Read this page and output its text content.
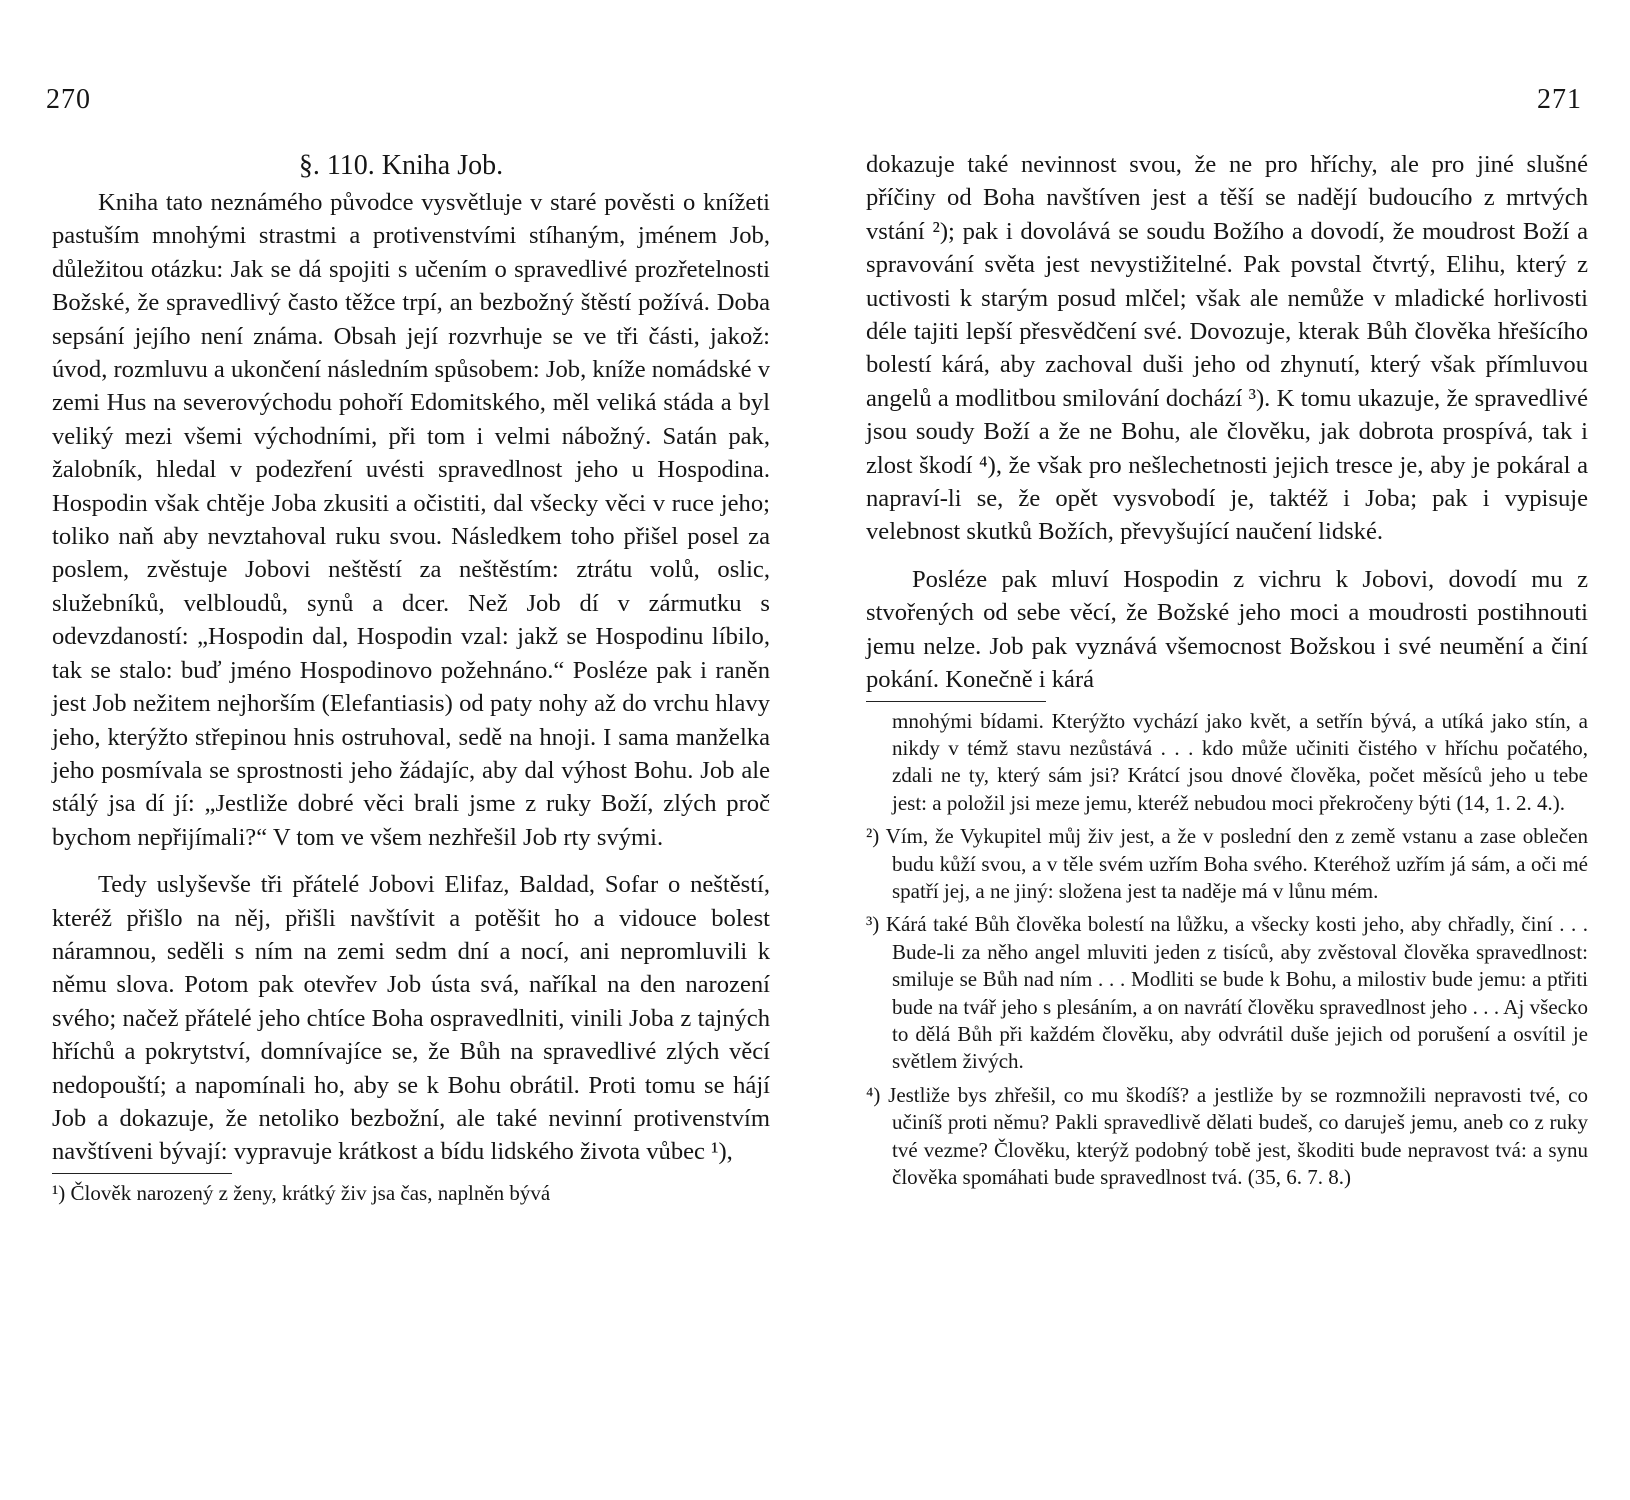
270
§. 110. Kniha Job.

Kniha tato neznámého původce vysvětluje v staré pověsti o knížeti pastuším mnohými strastmi a protivenstvími stíhaným, jménem Job, důležitou otázku: Jak se dá spojiti s učením o spravedlivé prozřetelnosti Božské, že spravedlivý často těžce trpí, an bezbožný štěstí požívá. Doba sepsání jejího není známa. Obsah její rozvrhuje se ve tři části, jakož: úvod, rozmluvu a ukončení následním spůsobem: Job, kníže nomádské v zemi Hus na severovýchodu pohoří Edomitského, měl veliká stáda a byl veliký mezi všemi východními, při tom i velmi nábožný. Satán pak, žalobník, hledal v podezření uvésti spravedlnost jeho u Hospodina. Hospodin však chtěje Joba zkusiti a očistiti, dal všecky věci v ruce jeho; toliko naň aby nevztahoval ruku svou. Následkem toho přišel posel za poslem, zvěstuje Jobovi neštěstí za neštěstím: ztrátu volů, oslic, služebníků, velbloudů, synů a dcer. Než Job dí v zármutku s odevzdaností: „Hospodin dal, Hospodin vzal: jakž se Hospodinu líbilo, tak se stalo: buď jméno Hospodinovo požehnáno.“ Posléze pak i raněn jest Job nežitem nejhorším (Elefantiasis) od paty nohy až do vrchu hlavy jeho, kterýžto střepinou hnis ostruhoval, sedě na hnoji. I sama manželka jeho posmívala se sprostnosti jeho žádajíc, aby dal výhost Bohu. Job ale stálý jsa dí jí: „Jestliže dobré věci brali jsme z ruky Boží, zlých proč bychom nepřijímali?“ V tom ve všem nezhřešil Job rty svými.

Tedy uslyševše tři přátelé Jobovi Elifaz, Baldad, Sofar o neštěstí, kteréž přišlo na něj, přišli navštívit a potěšit ho a vidouce bolest náramnou, seděli s ním na zemi sedm dní a nocí, ani nepromluvili k němu slova. Potom pak otevřev Job ústa svá, naříkal na den narození svého; načež přátelé jeho chtíce Boha ospravedlniti, vinili Joba z tajných hříchů a pokrytství, domnívajíce se, že Bůh na spravedlivé zlých věcí nedopouští; a napomínali ho, aby se k Bohu obrátil. Proti tomu se hájí Job a dokazuje, že netoliko bezbožní, ale také nevinní protivenstvím navštíveni bývají: vypravuje krátkost a bídu lidského života vůbec ¹),

¹) Člověk narozený z ženy, krátký živ jsa čas, naplněn bývá

271

dokazuje také nevinnost svou, že ne pro hříchy, ale pro jiné slušné příčiny od Boha navštíven jest a těší se nadějí budoucího z mrtvých vstání ²); pak i dovolává se soudu Božího a dovodí, že moudrost Boží a spravování světa jest nevystižitelné. Pak povstal čtvrtý, Elihu, který z uctivosti k starým posud mlčel; však ale nemůže v mladické horlivosti déle tajiti lepší přesvědčení své. Dovozuje, kterak Bůh člověka hřešícího bolestí kárá, aby zachoval duši jeho od zhynutí, který však přímluvou angelů a modlitbou smilování dochází ³). K tomu ukazuje, že spravedlivé jsou soudy Boží a že ne Bohu, ale člověku, jak dobrota prospívá, tak i zlost škodí ⁴), že však pro nešlechetnosti jejich tresce je, aby je pokáral a napraví-li se, že opět vysvobodí je, taktéž i Joba; pak i vypisuje velebnost skutků Božích, převyšující naučení lidské.

Posléze pak mluví Hospodin z vichru k Jobovi, dovodí mu z stvořených od sebe věcí, že Božské jeho moci a moudrosti postihnouti jemu nelze. Job pak vyznává všemocnost Božskou i své neumění a činí pokání. Konečně i kárá

mnohými bídami. Kterýžto vychází jako květ, a setřín bývá, a utíká jako stín, a nikdy v témž stavu nezůstává . . . kdo může učiniti čistého v hříchu počatého, zdali ne ty, který sám jsi? Krátcí jsou dnové člověka, počet měsíců jeho u tebe jest: a položil jsi meze jemu, kteréž nebudou moci překročeny býti (14, 1. 2. 4.).

²) Vím, že Vykupitel můj živ jest, a že v poslední den z země vstanu a zase oblečen budu kůží svou, a v těle svém uzřím Boha svého. Kteréhož uzřím já sám, a oči mé spatří jej, a ne jiný: složena jest ta naděje má v lůnu mém.

³) Kárá také Bůh člověka bolestí na lůžku, a všecky kosti jeho, aby chřadly, činí . . . Bude-li za něho angel mluviti jeden z tisíců, aby zvěstoval člověka spravedlnost: smiluje se Bůh nad ním . . . Modliti se bude k Bohu, a milostiv bude jemu: a ptřiti bude na tvář jeho s plesáním, a on navrátí člověku spravedlnost jeho . . . Aj všecko to dělá Bůh při každém člověku, aby odvrátil duše jejich od porušení a osvítil je světlem živých.

⁴) Jestliže bys zhřešil, co mu škodíš? a jestliže by se rozmnožili nepravosti tvé, co učiníš proti němu? Pakli spravedlivě dělati budeš, co daruješ jemu, aneb co z ruky tvé vezme? Člověku, kterýž podobný tobě jest, škoditi bude nepravost tvá: a synu člověka spomáhati bude spravedlnost tvá. (35, 6. 7. 8.)
